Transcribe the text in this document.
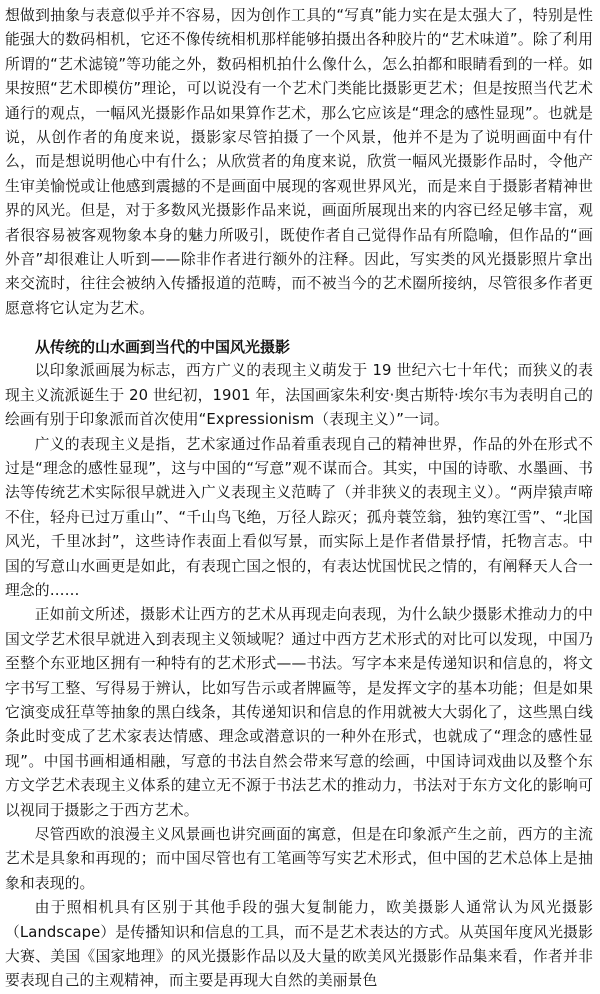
想做到抽象与表意似乎并不容易，因为创作工具的“写真”能力实在是太强大了，特别是性能强大的数码相机，它还不像传统相机那样能够拍摄出各种胶片的“艺术味道”。除了利用所谓的“艺术滤镜”等功能之外，数码相机拍什么像什么，怎么拍都和眼睛看到的一样。如果按照“艺术即模仿”理论，可以说没有一个艺术门类能比摄影更艺术；但是按照当代艺术通行的观点，一幅风光摄影作品如果算作艺术，那么它应该是“理念的感性显现”。也就是说，从创作者的角度来说，摄影家尽管拍摄了一个风景，他并不是为了说明画面中有什么，而是想说明他心中有什么；从欣赏者的角度来说，欣赏一幅风光摄影作品时，令他产生审美愉悦或让他感到震撼的不是画面中展现的客观世界风光，而是来自于摄影者精神世界的风光。但是，对于多数风光摄影作品来说，画面所展现出来的内容已经足够丰富，观者很容易被客观物象本身的魅力所吸引，既使作者自己觉得作品有所隐喻，但作品的“画外音”却很难让人听到——除非作者进行额外的注释。因此，写实类的风光摄影照片拿出来交流时，往往会被纳入传播报道的范畴，而不被当今的艺术圈所接纳，尽管很多作者更愿意将它认定为艺术。

从传统的山水画到当代的中国风光摄影

以印象派画展为标志，西方广义的表现主义萌发于 19 世纪六七十年代；而狭义的表现主义流派诞生于 20 世纪初，1901 年，法国画家朱利安·奥古斯特·埃尔韦为表明自己的绘画有别于印象派而首次使用“Expressionism（表现主义）”一词。

广义的表现主义是指，艺术家通过作品着重表现自己的精神世界，作品的外在形式不过是“理念的感性显现”，这与中国的“写意”观不谋而合。其实，中国的诗歌、水墨画、书法等传统艺术实际很早就进入广义表现主义范畴了（并非狭义的表现主义）。“两岸猿声啼不住，轻舟已过万重山”、“千山鸟飞绝，万径人踪灭；孤舟蓑笠翁，独钓寒江雪”、“北国风光，千里冰封”，这些诗作表面上看似写景，而实际上是作者借景抒情，托物言志。中国的写意山水画更是如此，有表现亡国之恨的，有表达忧国忧民之情的，有阐释天人合一理念的……

正如前文所述，摄影术让西方的艺术从再现走向表现，为什么缺少摄影术推动力的中国文学艺术很早就进入到表现主义领域呢？通过中西方艺术形式的对比可以发现，中国乃至整个东亚地区拥有一种特有的艺术形式——书法。写字本来是传递知识和信息的，将文字书写工整、写得易于辨认，比如写告示或者牌匾等，是发挥文字的基本功能；但是如果它演变成狂草等抽象的黑白线条，其传递知识和信息的作用就被大大弱化了，这些黑白线条此时变成了艺术家表达情感、理念或潜意识的一种外在形式，也就成了“理念的感性显现”。中国书画相通相融，写意的书法自然会带来写意的绘画，中国诗词戏曲以及整个东方文学艺术表现主义体系的建立无不源于书法艺术的推动力，书法对于东方文化的影响可以视同于摄影之于西方艺术。

尽管西欧的浪漫主义风景画也讲究画面的寓意，但是在印象派产生之前，西方的主流艺术是具象和再现的；而中国尽管也有工笔画等写实艺术形式，但中国的艺术总体上是抽象和表现的。

由于照相机具有区别于其他手段的强大复制能力，欧美摄影人通常认为风光摄影（Landscape）是传播知识和信息的工具，而不是艺术表达的方式。从英国年度风光摄影大赛、美国《国家地理》的风光摄影作品以及大量的欧美风光摄影作品集来看，作者并非要表现自己的主观精神，而主要是再现大自然的美丽景色
